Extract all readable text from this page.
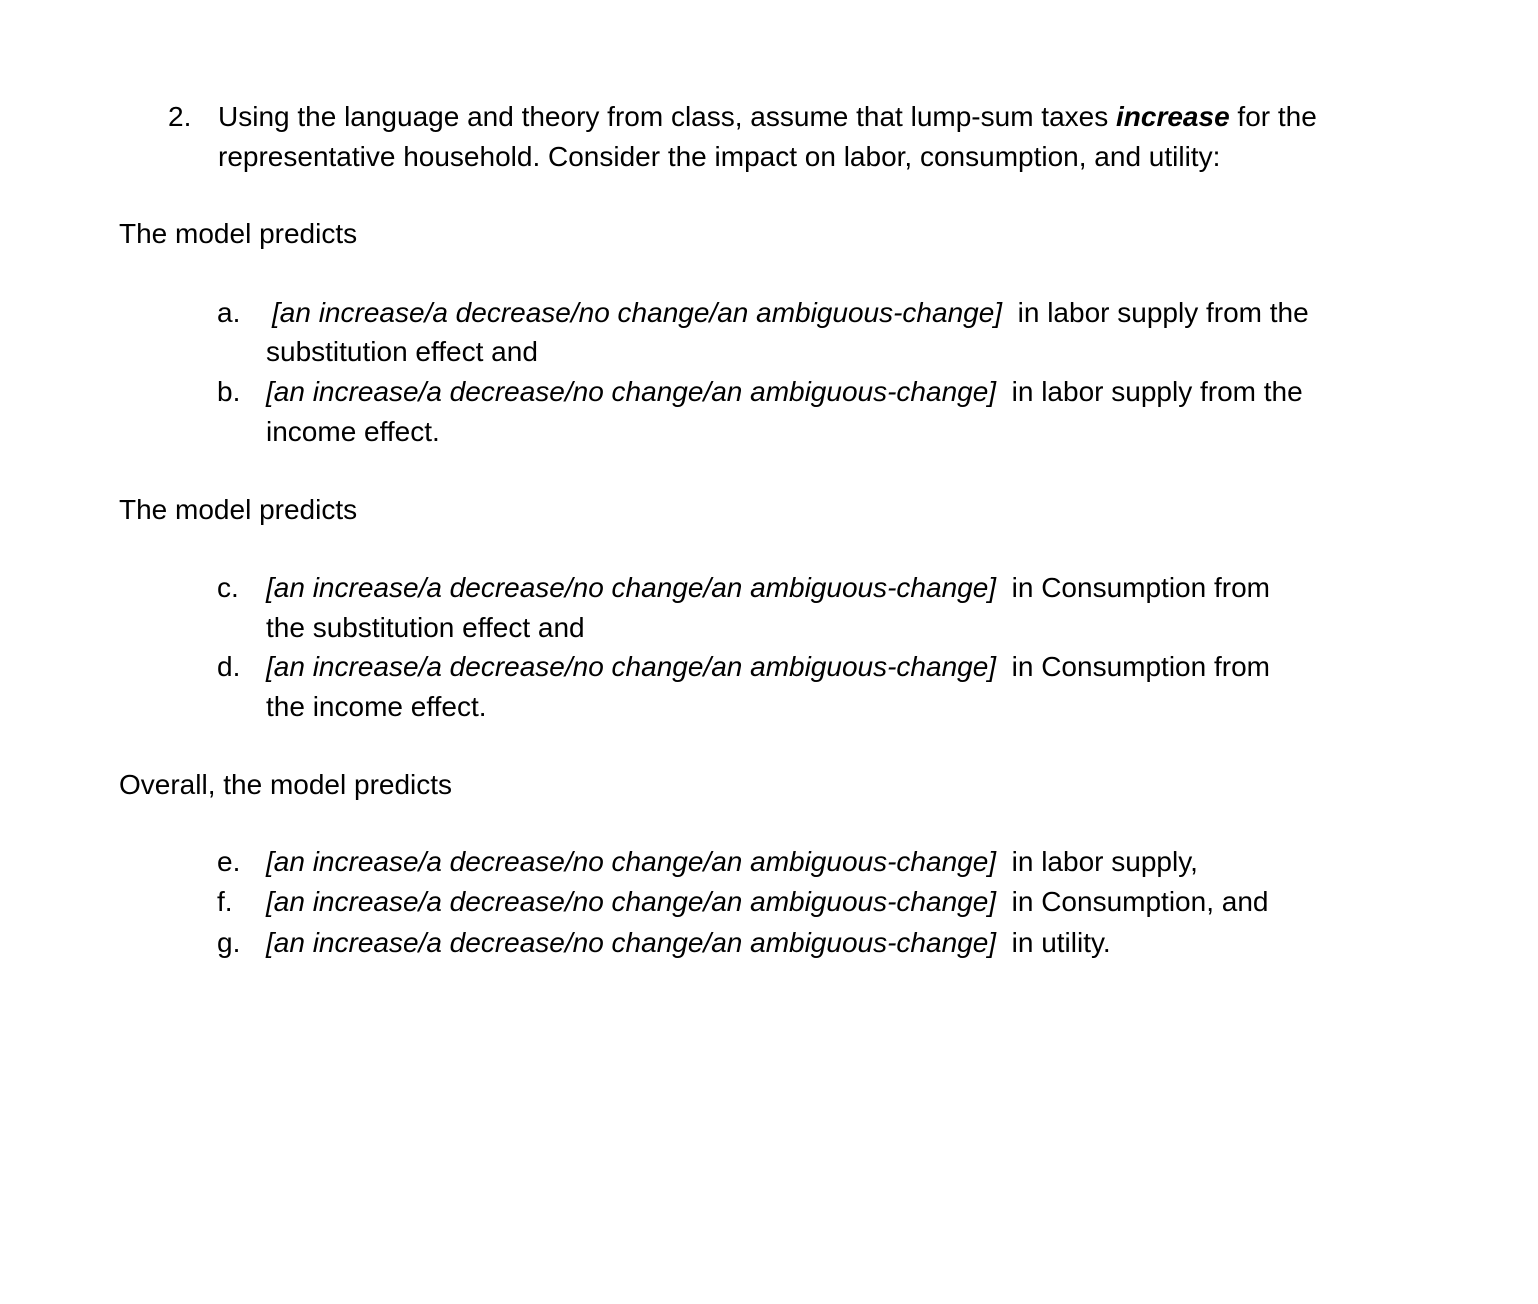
2. Using the language and theory from class, assume that lump-sum taxes increase for the
representative household. Consider the impact on labor, consumption, and utility:
The model predicts
a. [an increase/a decrease/no change/an ambiguous-change]  in labor supply from the
substitution effect and
b. [an increase/a decrease/no change/an ambiguous-change]  in labor supply from the
income effect.
The model predicts
c. [an increase/a decrease/no change/an ambiguous-change]  in Consumption from
the substitution effect and
d. [an increase/a decrease/no change/an ambiguous-change]  in Consumption from
the income effect.
Overall, the model predicts
e. [an increase/a decrease/no change/an ambiguous-change]  in labor supply,
f. [an increase/a decrease/no change/an ambiguous-change]  in Consumption, and
g. [an increase/a decrease/no change/an ambiguous-change]  in utility.
